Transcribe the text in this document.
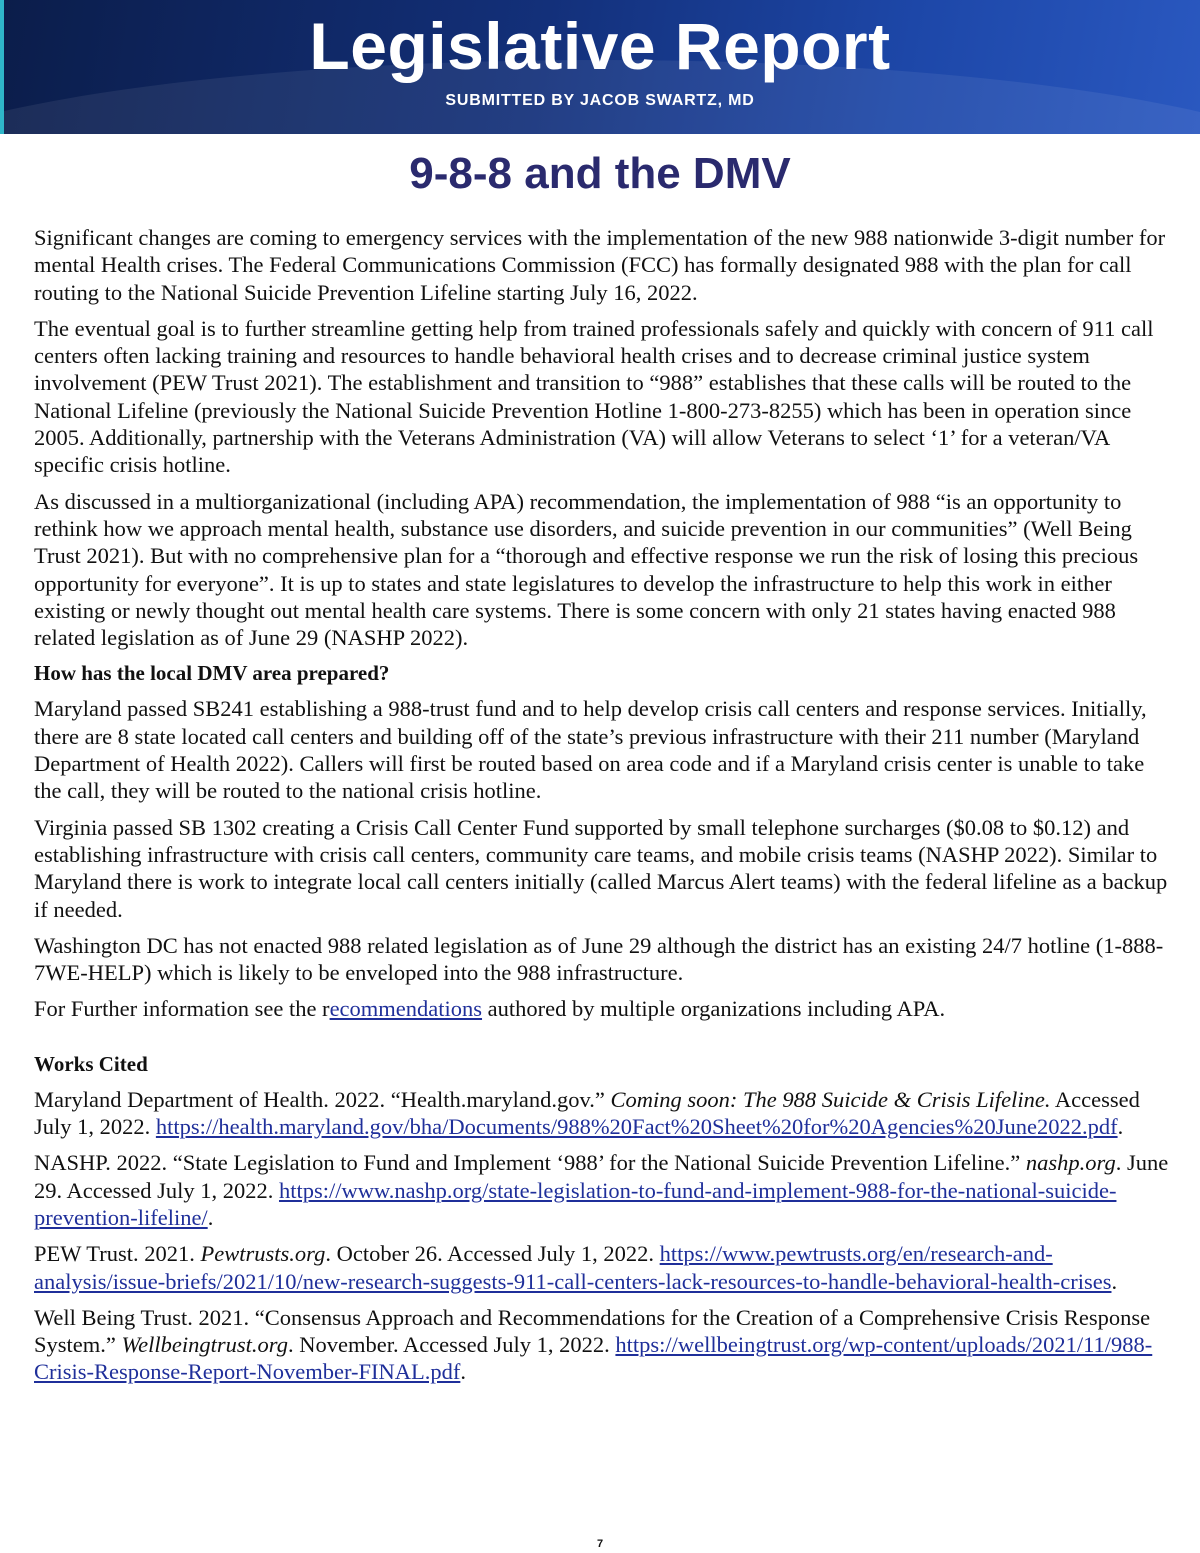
Legislative Report
SUBMITTED BY JACOB SWARTZ, MD
9-8-8 and the DMV

Significant changes are coming to emergency services with the implementation of the new 988 nationwide 3-digit number for mental Health crises. The Federal Communications Commission (FCC) has formally designated 988 with the plan for call routing to the National Suicide Prevention Lifeline starting July 16, 2022.

The eventual goal is to further streamline getting help from trained professionals safely and quickly with concern of 911 call centers often lacking training and resources to handle behavioral health crises and to decrease criminal justice system involvement (PEW Trust 2021). The establishment and transition to “988” establishes that these calls will be routed to the National Lifeline (previously the National Suicide Prevention Hotline 1-800-273-8255) which has been in operation since 2005. Additionally, partnership with the Veterans Administration (VA) will allow Veterans to select ‘1’ for a veteran/VA specific crisis hotline.

As discussed in a multiorganizational (including APA) recommendation, the implementation of 988 “is an opportunity to rethink how we approach mental health, substance use disorders, and suicide prevention in our communities” (Well Being Trust 2021). But with no comprehensive plan for a “thorough and effective response we run the risk of losing this precious opportunity for everyone”. It is up to states and state legislatures to develop the infrastructure to help this work in either existing or newly thought out mental health care systems. There is some concern with only 21 states having enacted 988 related legislation as of June 29 (NASHP 2022).

How has the local DMV area prepared?

Maryland passed SB241 establishing a 988-trust fund and to help develop crisis call centers and response services. Initially, there are 8 state located call centers and building off of the state’s previous infrastructure with their 211 number (Maryland Department of Health 2022). Callers will first be routed based on area code and if a Maryland crisis center is unable to take the call, they will be routed to the national crisis hotline.

Virginia passed SB 1302 creating a Crisis Call Center Fund supported by small telephone surcharges ($0.08 to $0.12) and establishing infrastructure with crisis call centers, community care teams, and mobile crisis teams (NASHP 2022). Similar to Maryland there is work to integrate local call centers initially (called Marcus Alert teams) with the federal lifeline as a backup if needed.

Washington DC has not enacted 988 related legislation as of June 29 although the district has an existing 24/7 hotline (1-888-7WE-HELP) which is likely to be enveloped into the 988 infrastructure.

For Further information see the recommendations authored by multiple organizations including APA.

Works Cited

Maryland Department of Health. 2022. “Health.maryland.gov.” Coming soon: The 988 Suicide & Crisis Lifeline. Accessed July 1, 2022. https://health.maryland.gov/bha/Documents/988%20Fact%20Sheet%20for%20Agencies%20June2022.pdf.

NASHP. 2022. “State Legislation to Fund and Implement ‘988’ for the National Suicide Prevention Lifeline.” nashp.org. June 29. Accessed July 1, 2022. https://www.nashp.org/state-legislation-to-fund-and-implement-988-for-the-national-suicide-prevention-lifeline/.

PEW Trust. 2021. Pewtrusts.org. October 26. Accessed July 1, 2022. https://www.pewtrusts.org/en/research-and-analysis/issue-briefs/2021/10/new-research-suggests-911-call-centers-lack-resources-to-handle-behavioral-health-crises.

Well Being Trust. 2021. “Consensus Approach and Recommendations for the Creation of a Comprehensive Crisis Response System.” Wellbeingtrust.org. November. Accessed July 1, 2022. https://wellbeingtrust.org/wp-content/uploads/2021/11/988-Crisis-Response-Report-November-FINAL.pdf.

7
